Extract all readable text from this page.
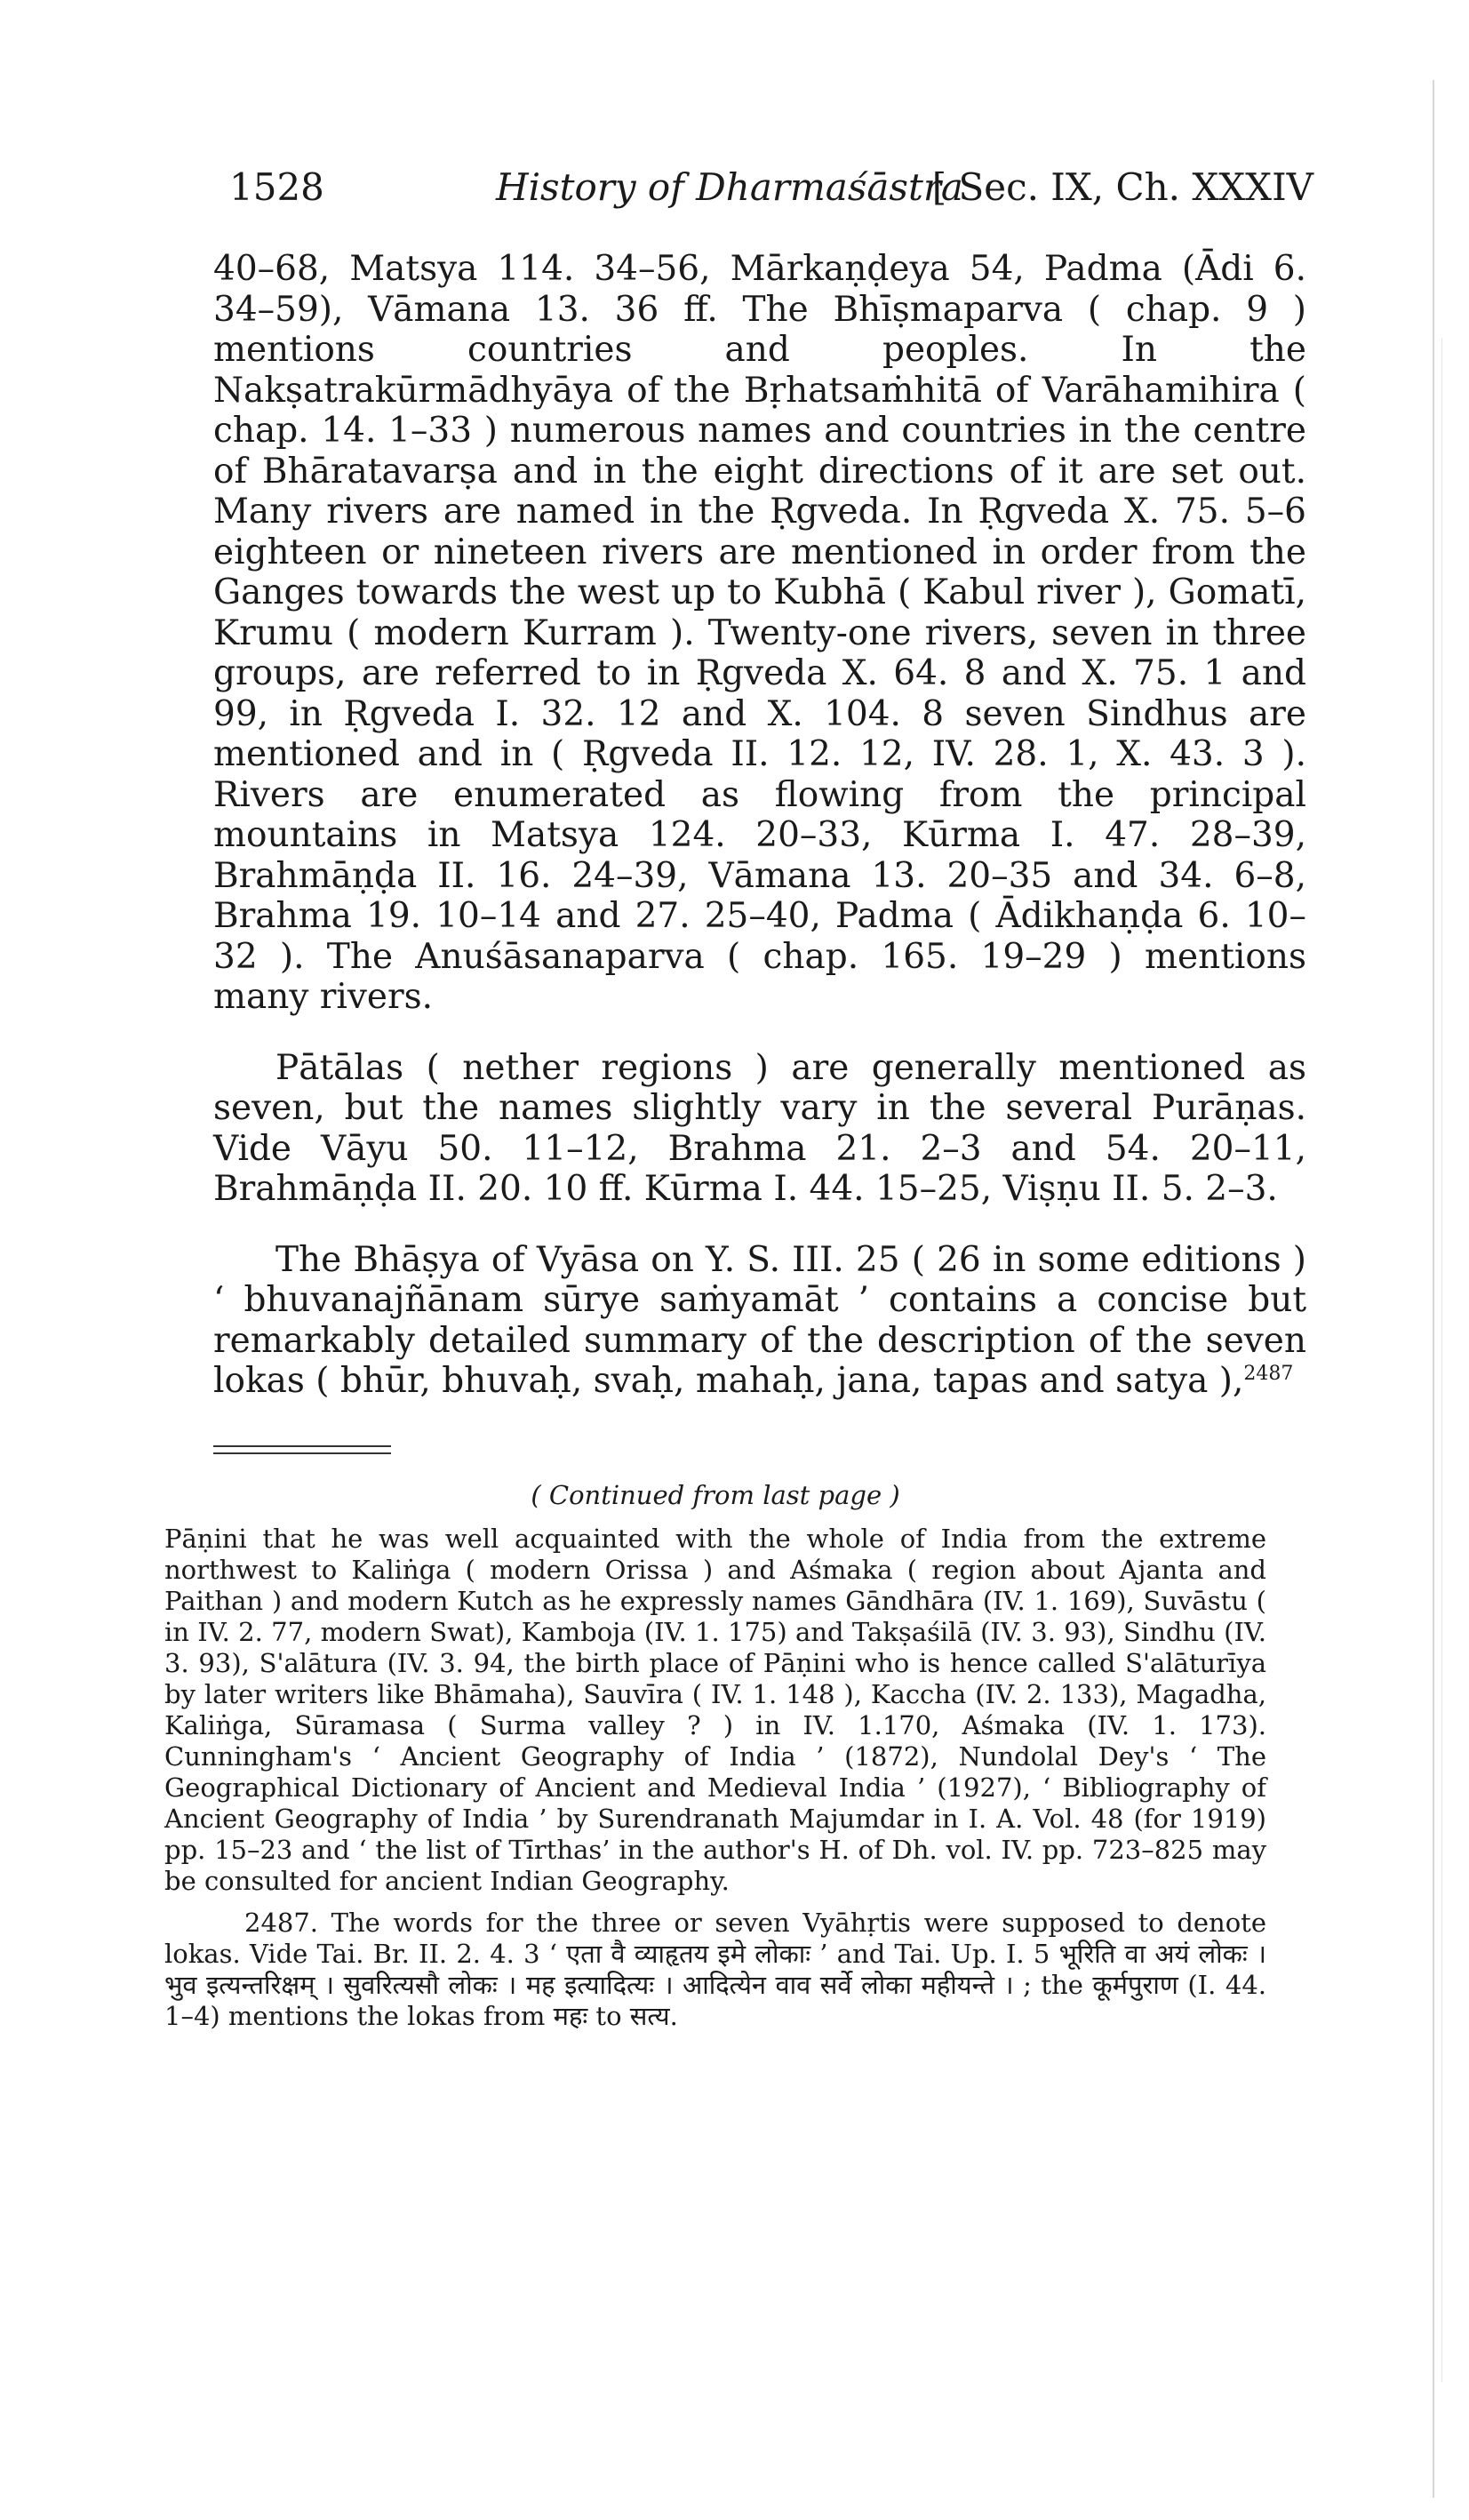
1528	History of Dharmaśāstra
[ Sec. IX, Ch. XXXIV

40–68, Matsya 114. 34–56, Mārkaṇḍeya 54, Padma (Ādi 6. 34–59), Vāmana 13. 36 ff. The Bhīṣmaparva ( chap. 9 ) mentions countries and peoples. In the Nakṣatrakūrmādhyāya of the Bṛhatsaṁhitā of Varāhamihira ( chap. 14. 1–33 ) numerous names and countries in the centre of Bhāratavarṣa and in the eight directions of it are set out. Many rivers are named in the Ṛgveda. In Ṛgveda X. 75. 5–6 eighteen or nineteen rivers are mentioned in order from the Ganges towards the west up to Kubhā ( Kabul river ), Gomatī, Krumu ( modern Kurram ). Twenty-one rivers, seven in three groups, are referred to in Ṛgveda X. 64. 8 and X. 75. 1 and 99, in Ṛgveda I. 32. 12 and X. 104. 8 seven Sindhus are mentioned and in ( Ṛgveda II. 12. 12, IV. 28. 1, X. 43. 3 ). Rivers are enumerated as flowing from the principal mountains in Matsya 124. 20–33, Kūrma I. 47. 28–39, Brahmāṇḍa II. 16. 24–39, Vāmana 13. 20–35 and 34. 6–8, Brahma 19. 10–14 and 27. 25–40, Padma ( Ādikhaṇḍa 6. 10–32 ). The Anuśāsanaparva ( chap. 165. 19–29 ) mentions many rivers.

Pātālas ( nether regions ) are generally mentioned as seven, but the names slightly vary in the several Purāṇas. Vide Vāyu 50. 11–12, Brahma 21. 2–3 and 54. 20–11, Brahmāṇḍa II. 20. 10 ff. Kūrma I. 44. 15–25, Viṣṇu II. 5. 2–3.

The Bhāṣya of Vyāsa on Y. S. III. 25 ( 26 in some editions ) ‘ bhuvanajñānam sūrye saṁyamāt ’ contains a concise but remarkably detailed summary of the description of the seven lokas ( bhūr, bhuvaḥ, svaḥ, mahaḥ, jana, tapas and satya ),$^{2487}$

( Continued from last page )

Pāṇini that he was well acquainted with the whole of India from the extreme northwest to Kaliṅga ( modern Orissa ) and Aśmaka ( region about Ajanta and Paithan ) and modern Kutch as he expressly names Gāndhāra (IV. 1. 169), Suvāstu ( in IV. 2. 77, modern Swat), Kamboja (IV. 1. 175) and Takṣaśilā (IV. 3. 93), Sindhu (IV. 3. 93), S'alātura (IV. 3. 94, the birth place of Pāṇini who is hence called S'alāturīya by later writers like Bhāmaha), Sauvīra ( IV. 1. 148 ), Kaccha (IV. 2. 133), Magadha, Kaliṅga, Sūramasa ( Surma valley ? ) in IV. 1.170, Aśmaka (IV. 1. 173). Cunningham's ‘ Ancient Geography of India ’ (1872), Nundolal Dey's ‘ The Geographical Dictionary of Ancient and Medieval India ’ (1927), ‘ Bibliography of Ancient Geography of India ’ by Surendranath Majumdar in I. A. Vol. 48 (for 1919) pp. 15–23 and ‘ the list of Tīrthas’ in the author's H. of Dh. vol. IV. pp. 723–825 may be consulted for ancient Indian Geography.

2487. The words for the three or seven Vyāhṛtis were supposed to denote lokas. Vide Tai. Br. II. 2. 4. 3 ‘ एता वै व्याहृतय इमे लोकाः ’ and Tai. Up. I. 5 भूरिति वा अयं लोकः । भुव इत्यन्तरिक्षम् । सुवरित्यसौ लोकः । मह इत्यादित्यः । आदित्येन वाव सर्वे लोका महीयन्ते । ; the कूर्मपुराण (I. 44. 1–4) mentions the lokas from महः to सत्य.
